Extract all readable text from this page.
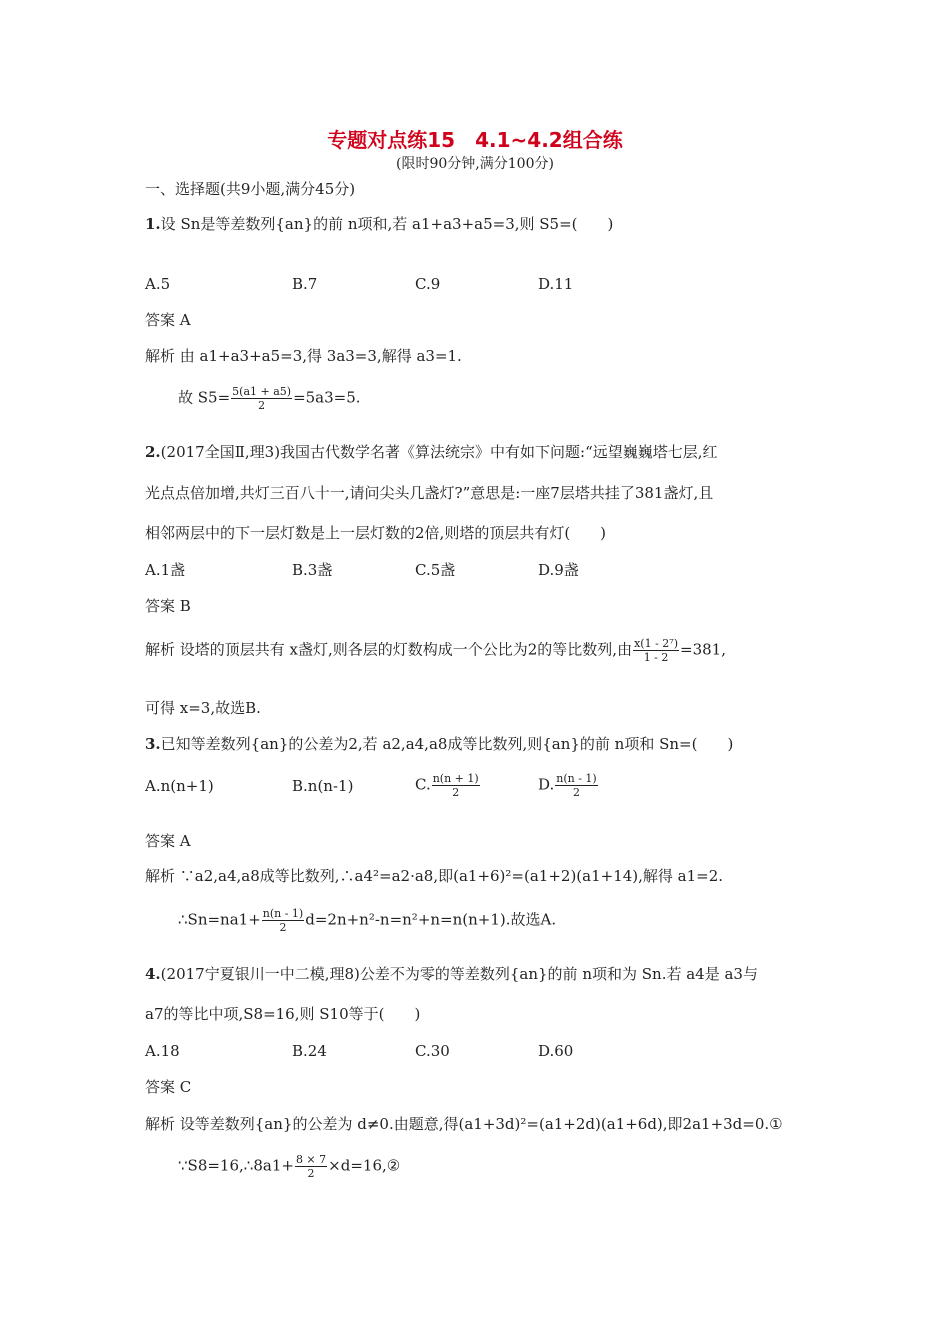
专题对点练15　4.1~4.2组合练
(限时90分钟,满分100分)
一、选择题(共9小题,满分45分)
1.设 Sn是等差数列{an}的前 n项和,若 a1+a3+a5=3,则 S5=(　　)
A.5	B.7	C.9	D.11
答案 A
解析 由 a1+a3+a5=3,得 3a3=3,解得 a3=1.
故 $S5= \frac{5(a1 + a5)}{2} =5a3=5$.
2.(2017全国Ⅱ,理3)我国古代数学名著《算法统宗》中有如下问题:“远望巍巍塔七层,红
光点点倍加增,共灯三百八十一,请问尖头几盏灯?”意思是:一座7层塔共挂了381盏灯,且
相邻两层中的下一层灯数是上一层灯数的2倍,则塔的顶层共有灯(　　)
A.1盏	B.3盏	C.5盏	D.9盏
答案 B
解析 设塔的顶层共有 x盏灯,则各层的灯数构成一个公比为2的等比数列,由 $\frac{\text{x(1 - 2⁷)}}{1 - 2} =381$,
可得 x=3,故选B.
3.已知等差数列{an}的公差为2,若 a2,a4,a8成等比数列,则{an}的前 n项和 Sn=(　　)
A.n(n+1)	B.n(n-1)	C. $\frac{n(n + 1)}{2}$	D. $\frac{n(n - 1)}{2}$
答案 A
解析 ∵a2,a4,a8成等比数列,∴a4²=a2·a8,即(a1+6)²=(a1+2)(a1+14),解得 a1=2.
∴Sn=na1+ $\frac{n(n - 1)}{2} d=2n+n^2-n=n^2+n=n(n+1)$.故选A.
4.(2017宁夏银川一中二模,理8)公差不为零的等差数列{an}的前 n项和为 Sn.若 a4是 a3与
a7的等比中项,S8=16,则 S10等于(　　)
A.18	B.24	C.30	D.60
答案 C
解析 设等差数列{an}的公差为 d≠0.由题意,得(a1+3d)²=(a1+2d)(a1+6d),即2a1+3d=0.①
∵S8=16,∴8a1+ $\frac{8 \times 7}{2}$ ×d=16,②
